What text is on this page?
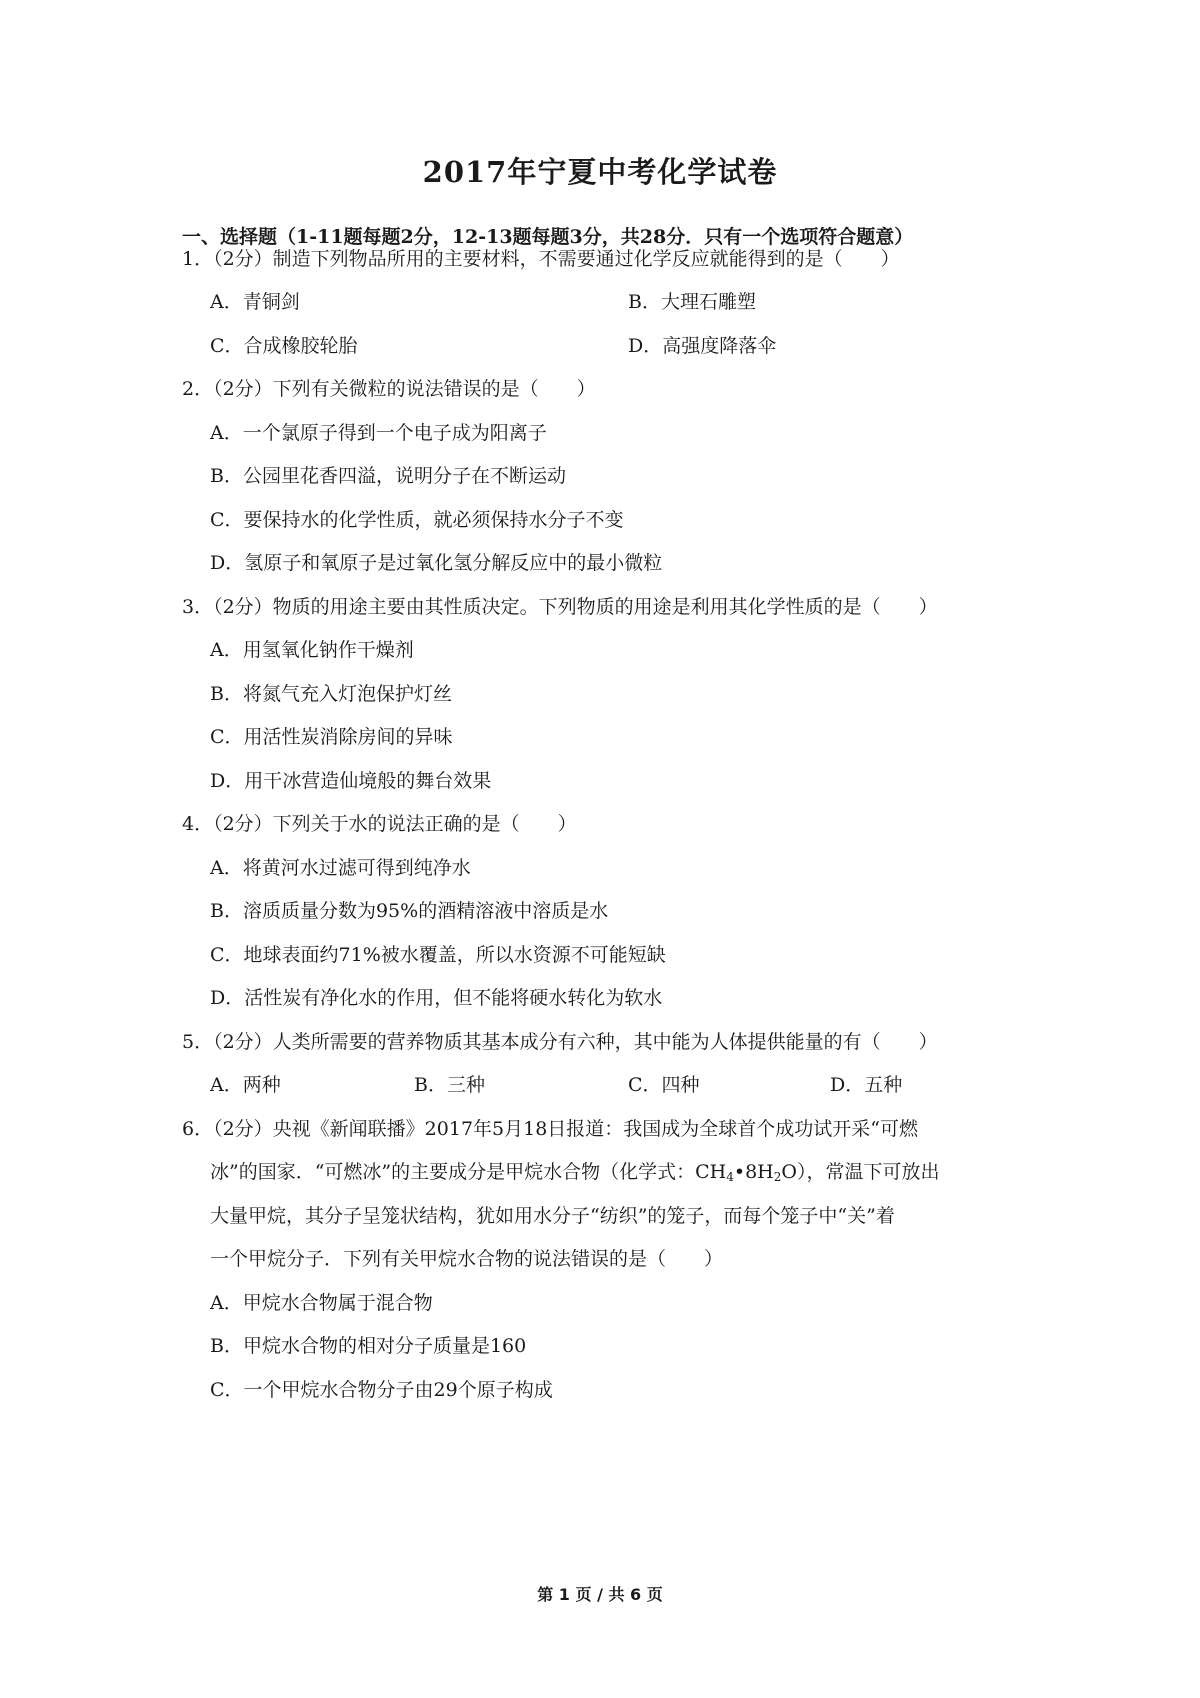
2017年宁夏中考化学试卷
一、选择题（1-11题每题2分，12-13题每题3分，共28分．只有一个选项符合题意）
1．（2分）制造下列物品所用的主要材料，不需要通过化学反应就能得到的是（　　）
A．青铜剑	B．大理石雕塑
C．合成橡胶轮胎	D．高强度降落伞
2．（2分）下列有关微粒的说法错误的是（　　）
A．一个氯原子得到一个电子成为阳离子
B．公园里花香四溢，说明分子在不断运动
C．要保持水的化学性质，就必须保持水分子不变
D．氢原子和氧原子是过氧化氢分解反应中的最小微粒
3．（2分）物质的用途主要由其性质决定。下列物质的用途是利用其化学性质的是（　　）
A．用氢氧化钠作干燥剂
B．将氮气充入灯泡保护灯丝
C．用活性炭消除房间的异味
D．用干冰营造仙境般的舞台效果
4．（2分）下列关于水的说法正确的是（　　）
A．将黄河水过滤可得到纯净水
B．溶质质量分数为95%的酒精溶液中溶质是水
C．地球表面约71%被水覆盖，所以水资源不可能短缺
D．活性炭有净化水的作用，但不能将硬水转化为软水
5．（2分）人类所需要的营养物质其基本成分有六种，其中能为人体提供能量的有（　　）
A．两种	B．三种	C．四种	D．五种
6．（2分）央视《新闻联播》2017年5月18日报道：我国成为全球首个成功试开采“可燃
冰”的国家．“可燃冰”的主要成分是甲烷水合物（化学式：$CH_4•8H_2O$），常温下可放出
大量甲烷，其分子呈笼状结构，犹如用水分子“纺织”的笼子，而每个笼子中“关”着
一个甲烷分子．下列有关甲烷水合物的说法错误的是（　　）
A．甲烷水合物属于混合物
B．甲烷水合物的相对分子质量是160
C．一个甲烷水合物分子由29个原子构成
第 1 页 / 共 6 页
